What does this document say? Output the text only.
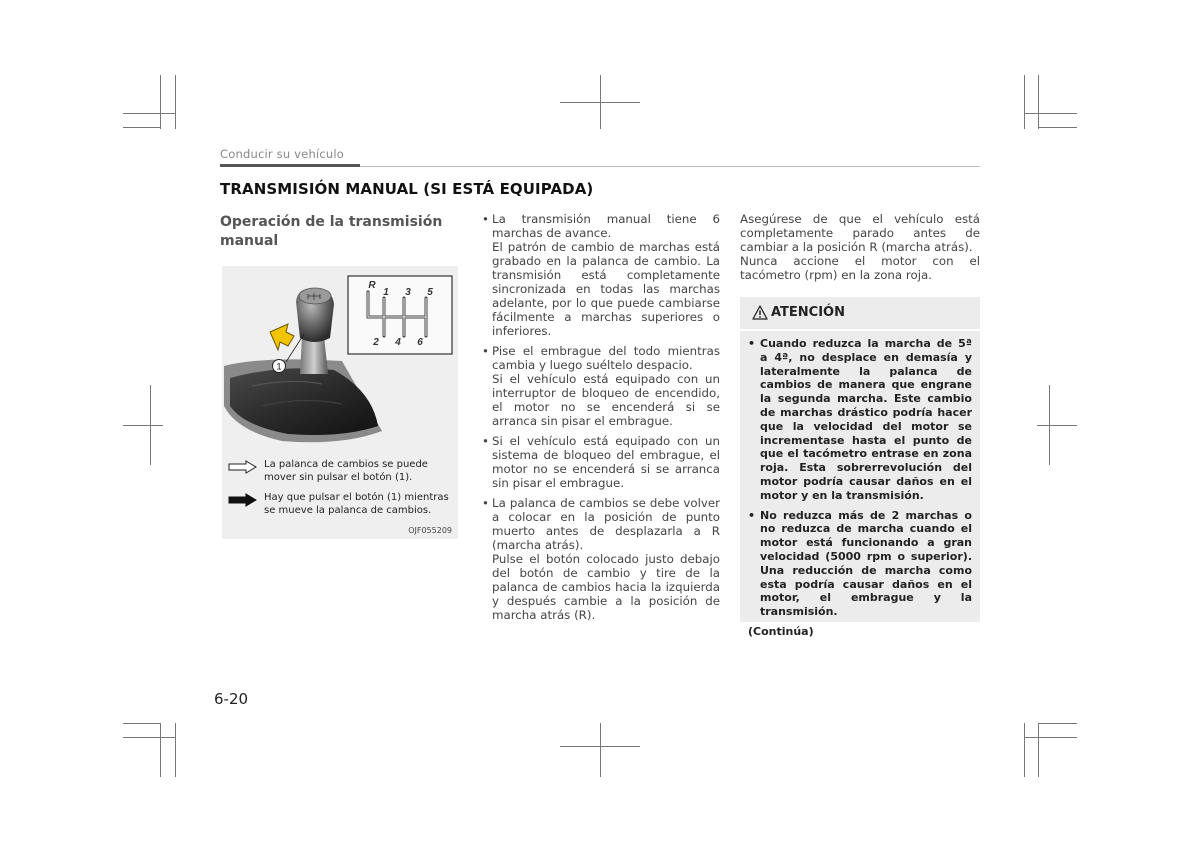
Conducir su vehículo
TRANSMISIÓN MANUAL (SI ESTÁ EQUIPADA)
Operación de la transmisión manual
1
R
1 3 5
2 4 6
La palanca de cambios se puede mover sin pulsar el botón (1).
Hay que pulsar el botón (1) mientras se mueve la palanca de cambios.
OJF055209
• La transmisión manual tiene 6 marchas de avance.

El patrón de cambio de marchas está grabado en la palanca de cambio. La transmisión está completamente sincronizada en todas las marchas adelante, por lo que puede cambiarse fácilmente a marchas superiores o inferiores.

• Pise el embrague del todo mientras cambia y luego suéltelo despacio.

Si el vehículo está equipado con un interruptor de bloqueo de encendido, el motor no se encenderá si se arranca sin pisar el embrague.

• Si el vehículo está equipado con un sistema de bloqueo del embrague, el motor no se encenderá si se arranca sin pisar el embrague.

• La palanca de cambios se debe volver a colocar en la posición de punto muerto antes de desplazarla a R (marcha atrás).

Pulse el botón colocado justo debajo del botón de cambio y tire de la palanca de cambios hacia la izquierda y después cambie a la posición de marcha atrás (R).

Asegúrese de que el vehículo está completamente parado antes de cambiar a la posición R (marcha atrás).

Nunca accione el motor con el tacómetro (rpm) en la zona roja.

ATENCIÓN
• Cuando reduzca la marcha de 5ª a 4ª, no desplace en demasía y lateralmente la palanca de cambios de manera que engrane la segunda marcha. Este cambio de marchas drástico podría hacer que la velocidad del motor se incrementase hasta el punto de que el tacómetro entrase en zona roja. Esta sobrerrevolución del motor podría causar daños en el motor y en la transmisión.
• No reduzca más de 2 marchas o no reduzca de marcha cuando el motor está funcionando a gran velocidad (5000 rpm o superior). Una reducción de marcha como esta podría causar daños en el motor, el embrague y la transmisión.
(Continúa)
6-20
